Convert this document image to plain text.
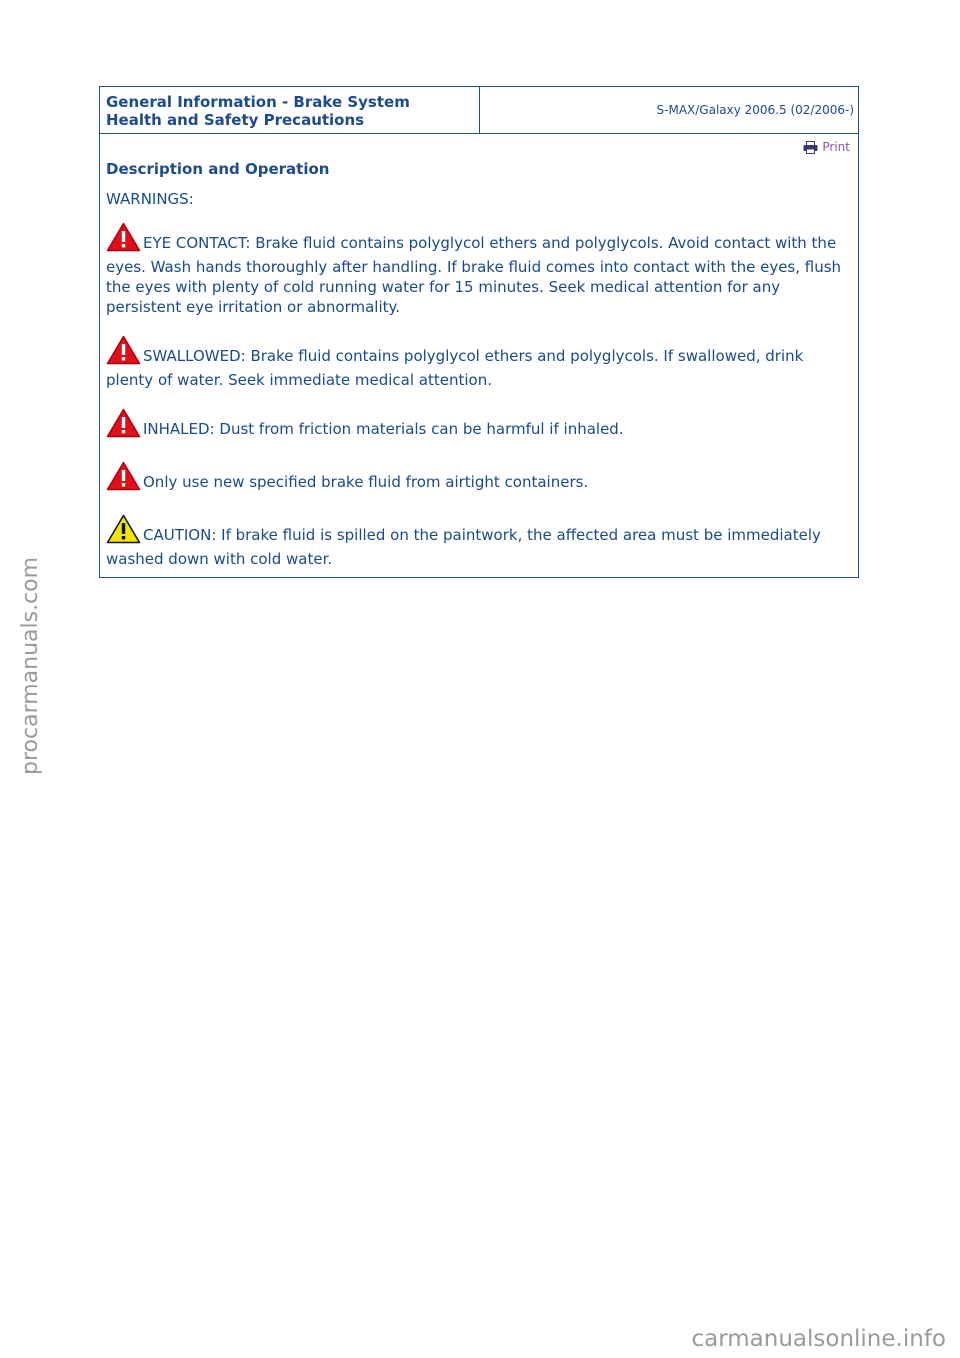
General Information - Brake System
Health and Safety Precautions
S-MAX/Galaxy 2006.5 (02/2006-)
Print
Description and Operation
WARNINGS:
EYE CONTACT: Brake fluid contains polyglycol ethers and polyglycols. Avoid contact with the eyes. Wash hands thoroughly after handling. If brake fluid comes into contact with the eyes, flush the eyes with plenty of cold running water for 15 minutes. Seek medical attention for any persistent eye irritation or abnormality.
SWALLOWED: Brake fluid contains polyglycol ethers and polyglycols. If swallowed, drink plenty of water. Seek immediate medical attention.
INHALED: Dust from friction materials can be harmful if inhaled.
Only use new specified brake fluid from airtight containers.
CAUTION: If brake fluid is spilled on the paintwork, the affected area must be immediately washed down with cold water.
procarmanuals.com
carmanualsonline.info
